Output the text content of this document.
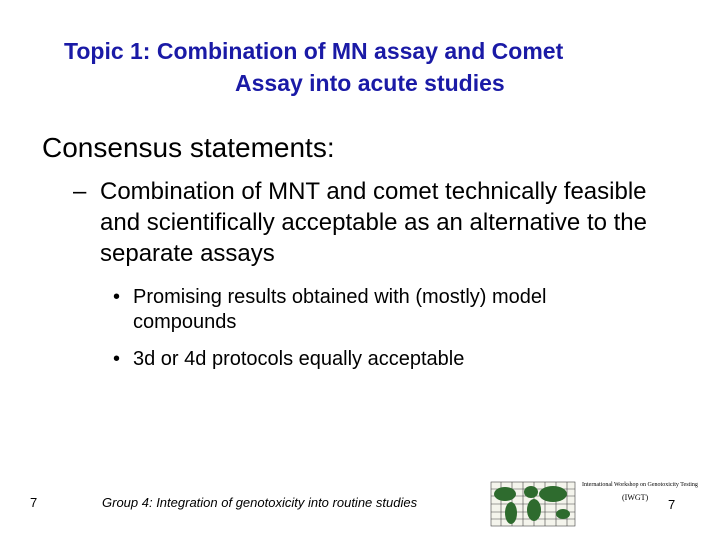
Topic 1: Combination of MN assay and Comet
Assay into acute studies
Consensus statements:
– Combination of MNT and comet technically feasible and scientifically acceptable as an alternative to the separate assays
• Promising results obtained with (mostly) model compounds
• 3d or 4d protocols equally acceptable
7	Group 4: Integration of genotoxicity into routine studies
International Workshop on Genotoxicity Testing
(IWGT) 7
